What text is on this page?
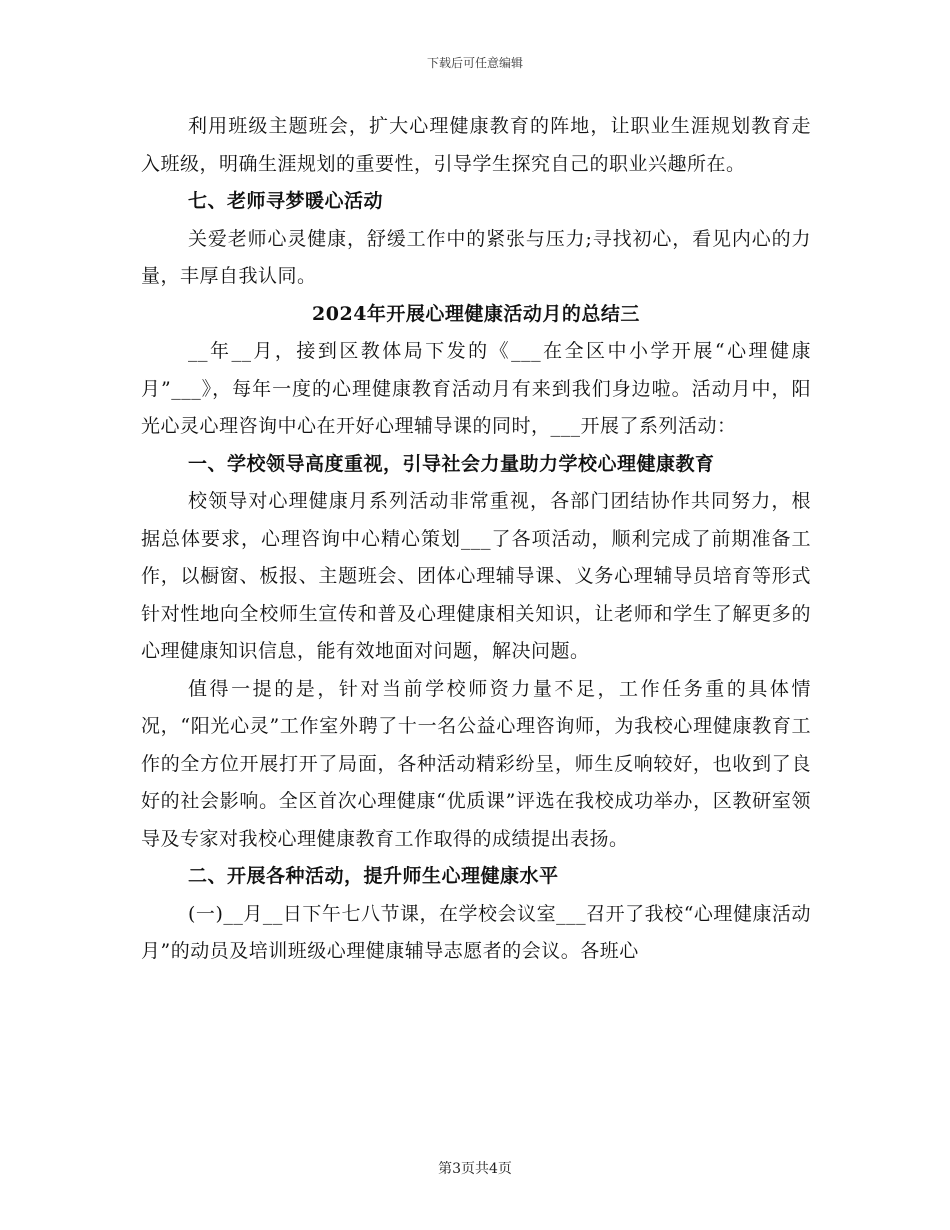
下载后可任意编辑

利用班级主题班会，扩大心理健康教育的阵地，让职业生涯规划教育走入班级，明确生涯规划的重要性，引导学生探究自己的职业兴趣所在。

七、老师寻梦暖心活动

关爱老师心灵健康，舒缓工作中的紧张与压力;寻找初心，看见内心的力量，丰厚自我认同。

2024年开展心理健康活动月的总结三

__年__月，接到区教体局下发的《___在全区中小学开展“心理健康月”___》，每年一度的心理健康教育活动月有来到我们身边啦。活动月中，阳光心灵心理咨询中心在开好心理辅导课的同时，___开展了系列活动：

一、学校领导高度重视，引导社会力量助力学校心理健康教育

校领导对心理健康月系列活动非常重视，各部门团结协作共同努力，根据总体要求，心理咨询中心精心策划___了各项活动，顺利完成了前期准备工作，以橱窗、板报、主题班会、团体心理辅导课、义务心理辅导员培育等形式针对性地向全校师生宣传和普及心理健康相关知识，让老师和学生了解更多的心理健康知识信息，能有效地面对问题，解决问题。

值得一提的是，针对当前学校师资力量不足，工作任务重的具体情况，“阳光心灵”工作室外聘了十一名公益心理咨询师，为我校心理健康教育工作的全方位开展打开了局面，各种活动精彩纷呈，师生反响较好，也收到了良好的社会影响。全区首次心理健康“优质课”评选在我校成功举办，区教研室领导及专家对我校心理健康教育工作取得的成绩提出表扬。

二、开展各种活动，提升师生心理健康水平

(一)__月__日下午七八节课，在学校会议室___召开了我校“心理健康活动月”的动员及培训班级心理健康辅导志愿者的会议。各班心

第3页共4页
